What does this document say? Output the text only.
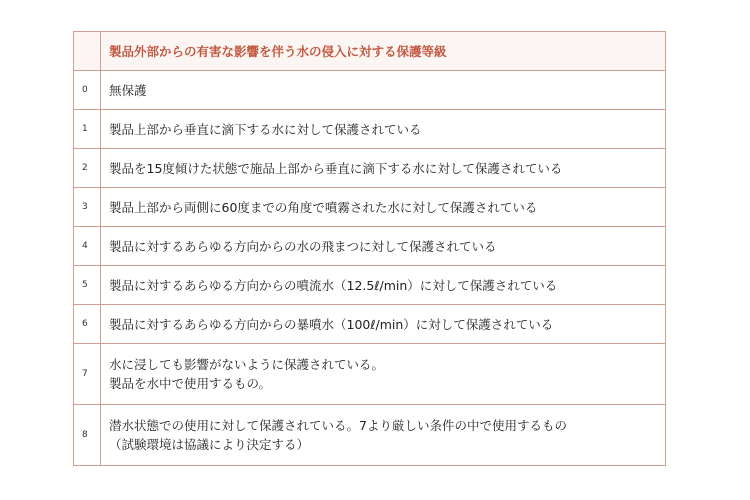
	製品外部からの有害な影響を伴う水の侵入に対する保護等級
0	無保護

1	製品上部から垂直に滴下する水に対して保護されている

2	製品を15度傾けた状態で施品上部から垂直に滴下する水に対して保護されている

3	製品上部から両側に60度までの角度で噴霧された水に対して保護されている

4	製品に対するあらゆる方向からの水の飛まつに対して保護されている

5	製品に対するあらゆる方向からの噴流水（12.5ℓ/min）に対して保護されている

6	製品に対するあらゆる方向からの暴噴水（100ℓ/min）に対して保護されている

7	水に浸しても影響がないように保護されている。
製品を水中で使用するもの。

8	潜水状態での使用に対して保護されている。7より厳しい条件の中で使用するもの
（試験環境は協議により決定する）
